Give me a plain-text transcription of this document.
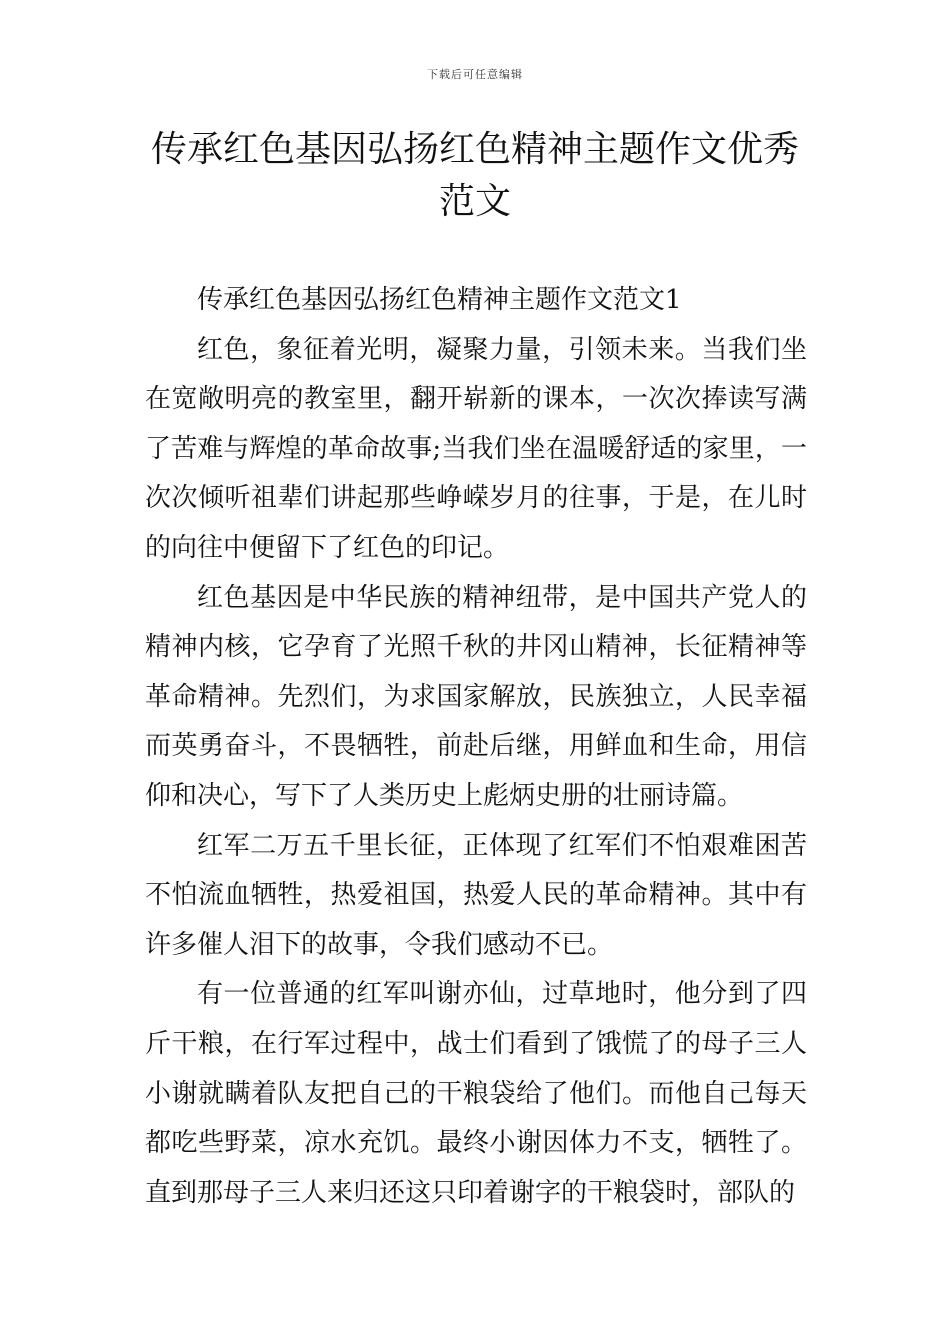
下载后可任意编辑
传承红色基因弘扬红色精神主题作文优秀范文

传承红色基因弘扬红色精神主题作文范文1

红色，象征着光明，凝聚力量，引领未来。当我们坐在宽敞明亮的教室里，翻开崭新的课本，一次次捧读写满了苦难与辉煌的革命故事;当我们坐在温暖舒适的家里，一次次倾听祖辈们讲起那些峥嵘岁月的往事，于是，在儿时的向往中便留下了红色的印记。

红色基因是中华民族的精神纽带，是中国共产党人的精神内核，它孕育了光照千秋的井冈山精神，长征精神等革命精神。先烈们，为求国家解放，民族独立，人民幸福而英勇奋斗，不畏牺牲，前赴后继，用鲜血和生命，用信仰和决心，写下了人类历史上彪炳史册的壮丽诗篇。

红军二万五千里长征，正体现了红军们不怕艰难困苦不怕流血牺牲，热爱祖国，热爱人民的革命精神。其中有许多催人泪下的故事，令我们感动不已。

有一位普通的红军叫谢亦仙，过草地时，他分到了四斤干粮，在行军过程中，战士们看到了饿慌了的母子三人小谢就瞒着队友把自己的干粮袋给了他们。而他自己每天都吃些野菜，凉水充饥。最终小谢因体力不支，牺牲了。直到那母子三人来归还这只印着谢字的干粮袋时，部队的
